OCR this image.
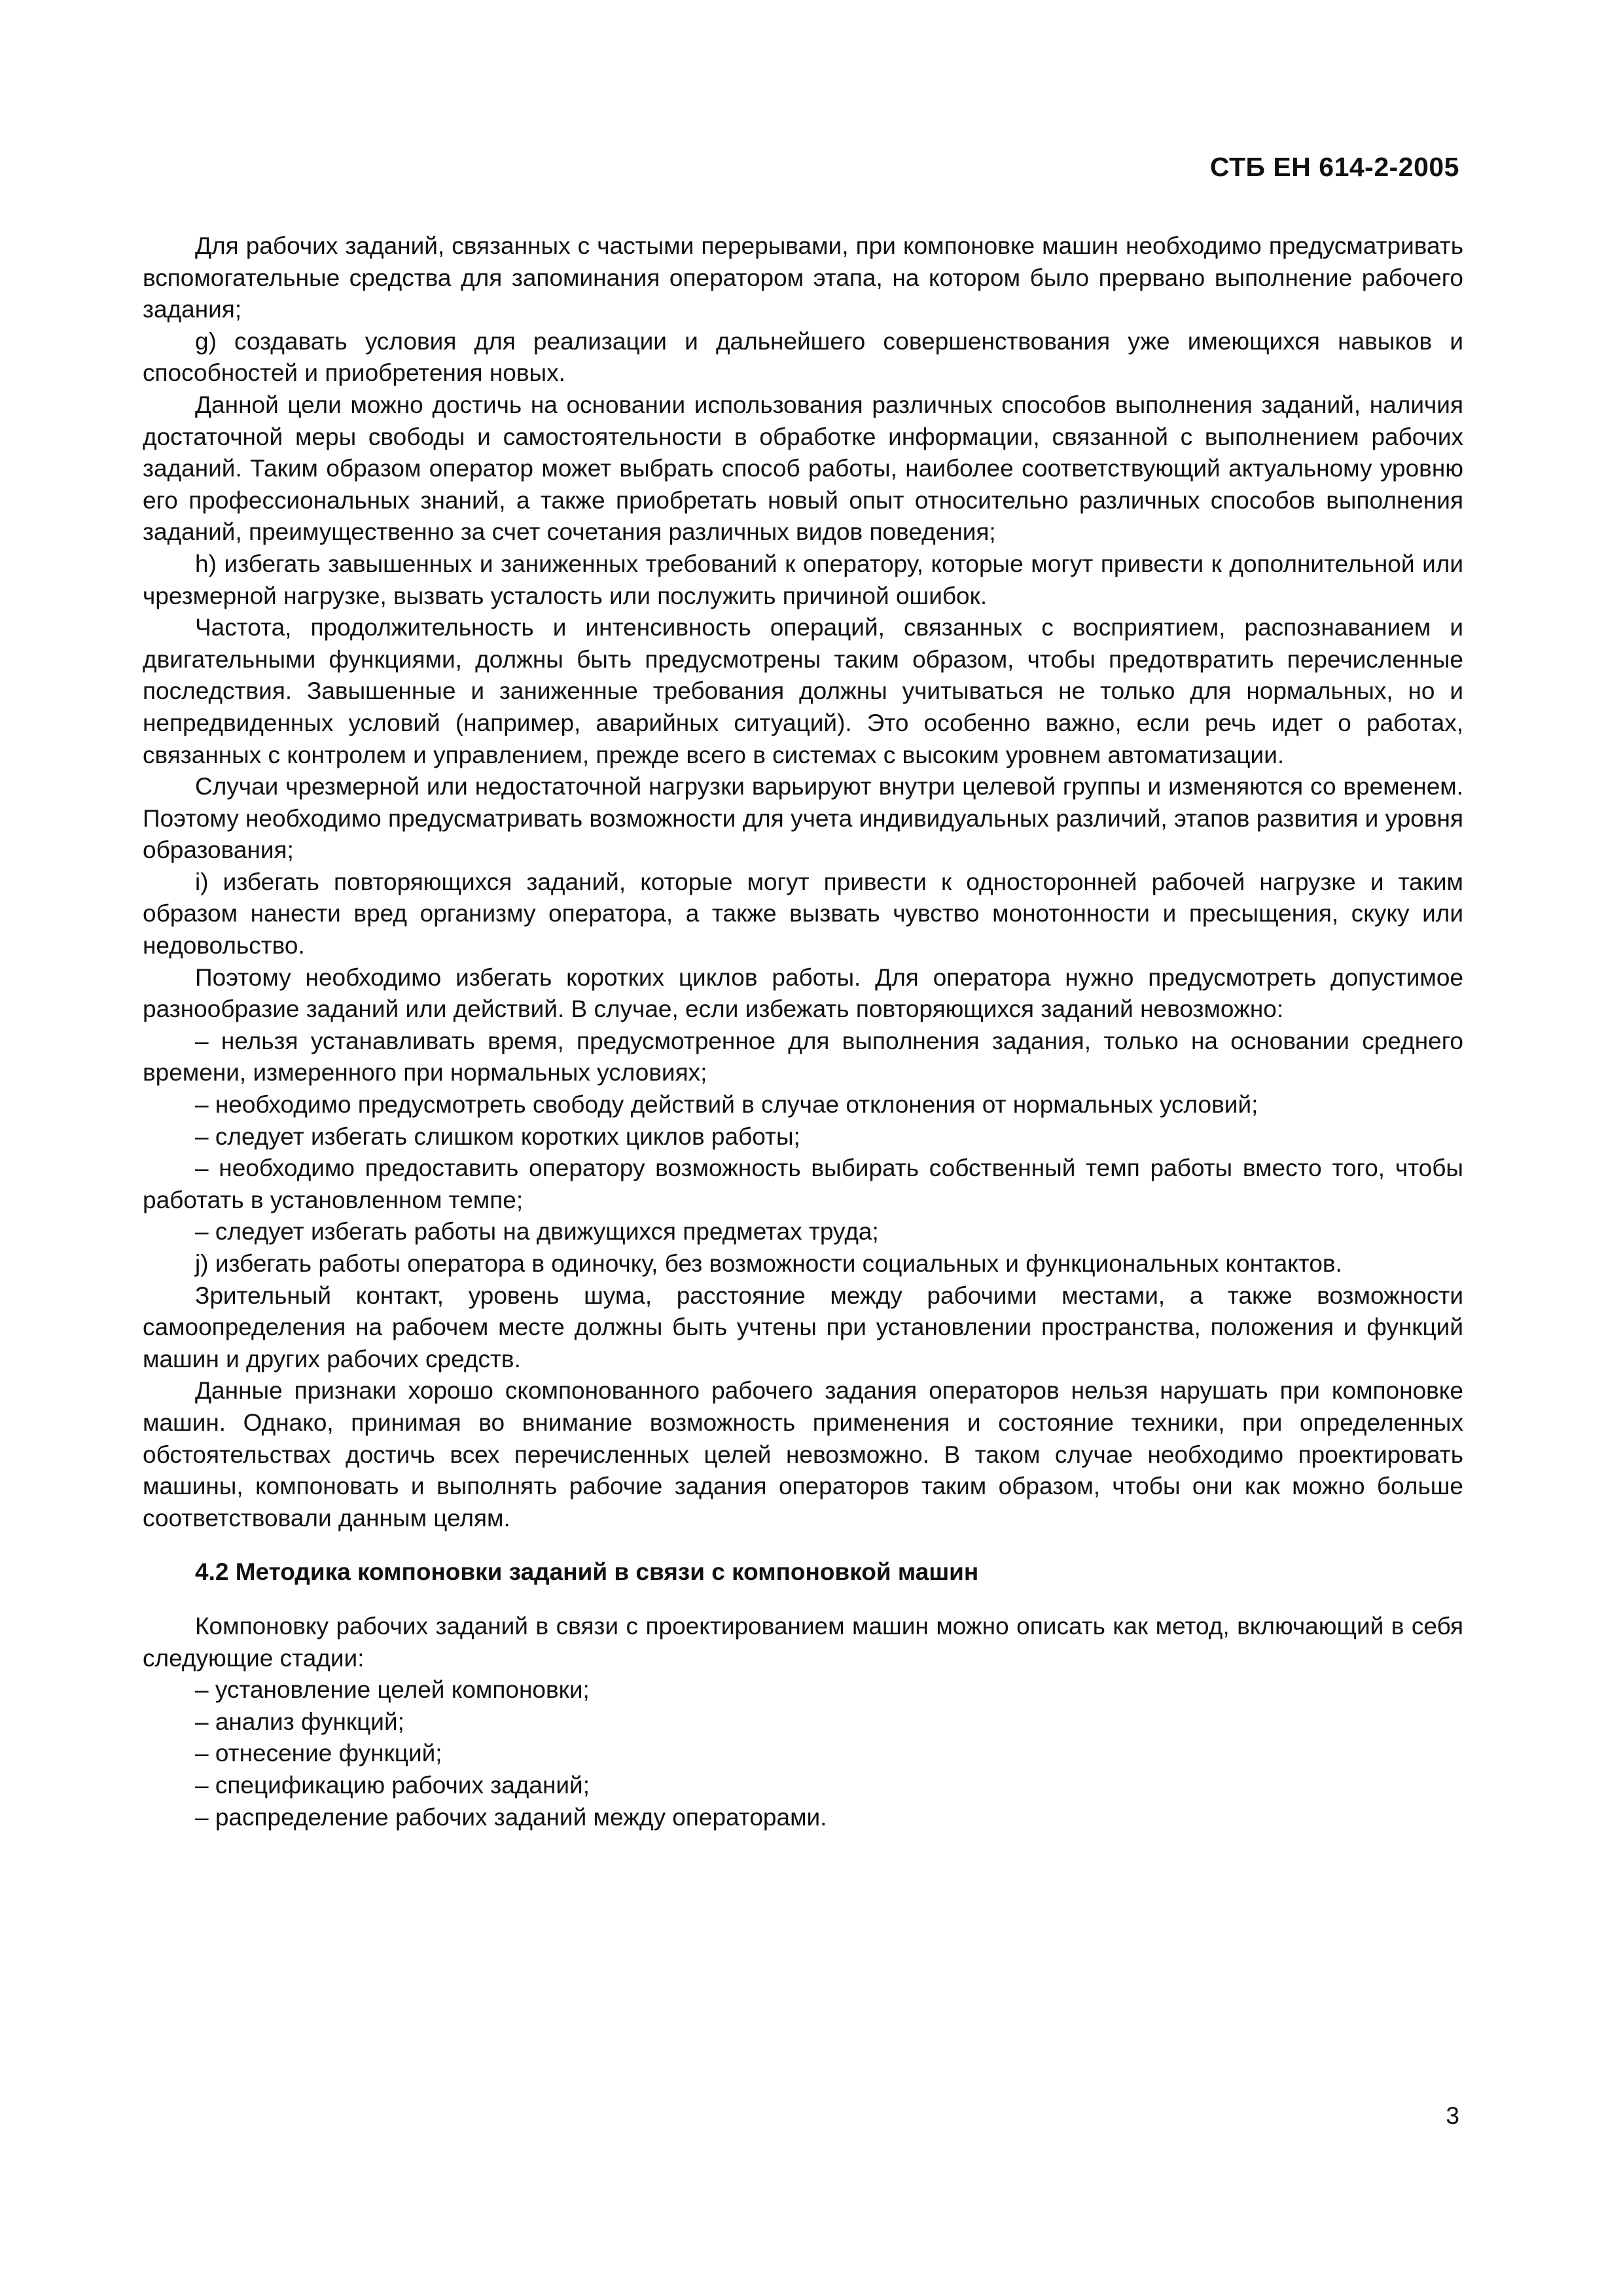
СТБ ЕН 614-2-2005

Для рабочих заданий, связанных с частыми перерывами, при компоновке машин необходимо предусматривать вспомогательные средства для запоминания оператором этапа, на котором было прервано выполнение рабочего задания;

g) создавать условия для реализации и дальнейшего совершенствования уже имеющихся навыков и способностей и приобретения новых.

Данной цели можно достичь на основании использования различных способов выполнения заданий, наличия достаточной меры свободы и самостоятельности в обработке информации, связанной с выполнением рабочих заданий. Таким образом оператор может выбрать способ работы, наиболее соответствующий актуальному уровню его профессиональных знаний, а также приобретать новый опыт относительно различных способов выполнения заданий, преимущественно за счет сочетания различных видов поведения;

h) избегать завышенных и заниженных требований к оператору, которые могут привести к дополнительной или чрезмерной нагрузке, вызвать усталость или послужить причиной ошибок.

Частота, продолжительность и интенсивность операций, связанных с восприятием, распознаванием и двигательными функциями, должны быть предусмотрены таким образом, чтобы предотвратить перечисленные последствия. Завышенные и заниженные требования должны учитываться не только для нормальных, но и непредвиденных условий (например, аварийных ситуаций). Это особенно важно, если речь идет о работах, связанных с контролем и управлением, прежде всего в системах с высоким уровнем автоматизации.

Случаи чрезмерной или недостаточной нагрузки варьируют внутри целевой группы и изменяются со временем. Поэтому необходимо предусматривать возможности для учета индивидуальных различий, этапов развития и уровня образования;

i) избегать повторяющихся заданий, которые могут привести к односторонней рабочей нагрузке и таким образом нанести вред организму оператора, а также вызвать чувство монотонности и пресыщения, скуку или недовольство.

Поэтому необходимо избегать коротких циклов работы. Для оператора нужно предусмотреть допустимое разнообразие заданий или действий. В случае, если избежать повторяющихся заданий невозможно:

– нельзя устанавливать время, предусмотренное для выполнения задания, только на основании среднего времени, измеренного при нормальных условиях;

– необходимо предусмотреть свободу действий в случае отклонения от нормальных условий;

– следует избегать слишком коротких циклов работы;

– необходимо предоставить оператору возможность выбирать собственный темп работы вместо того, чтобы работать в установленном темпе;

– следует избегать работы на движущихся предметах труда;

j) избегать работы оператора в одиночку, без возможности социальных и функциональных контактов.

Зрительный контакт, уровень шума, расстояние между рабочими местами, а также возможности самоопределения на рабочем месте должны быть учтены при установлении пространства, положения и функций машин и других рабочих средств.

Данные признаки хорошо скомпонованного рабочего задания операторов нельзя нарушать при компоновке машин. Однако, принимая во внимание возможность применения и состояние техники, при определенных обстоятельствах достичь всех перечисленных целей невозможно. В таком случае необходимо проектировать машины, компоновать и выполнять рабочие задания операторов таким образом, чтобы они как можно больше соответствовали данным целям.

4.2 Методика компоновки заданий в связи с компоновкой машин

Компоновку рабочих заданий в связи с проектированием машин можно описать как метод, включающий в себя следующие стадии:

– установление целей компоновки;

– анализ функций;

– отнесение функций;

– спецификацию рабочих заданий;

– распределение рабочих заданий между операторами.

3
